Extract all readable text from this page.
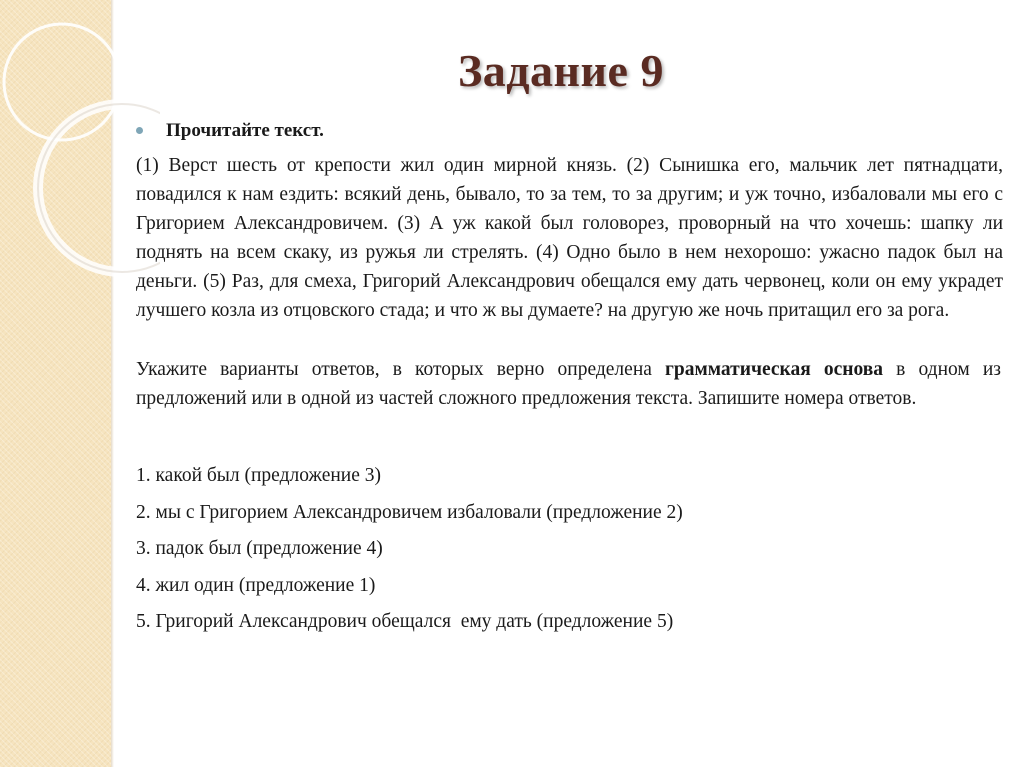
Задание 9
Прочитайте текст.

(1) Верст шесть от крепости жил один мирной князь. (2) Сынишка его, мальчик лет пятнадцати, повадился к нам ездить: всякий день, бывало, то за тем, то за другим; и уж точно, избаловали мы его с Григорием Александровичем. (3) А уж какой был головорез, проворный на что хочешь: шапку ли поднять на всем скаку, из ружья ли стрелять. (4) Одно было в нем нехорошо: ужасно падок был на деньги. (5) Раз, для смеха, Григорий Александрович обещался ему дать червонец, коли он ему украдет лучшего козла из отцовского стада; и что ж вы думаете? на другую же ночь притащил его за рога.

Укажите варианты ответов, в которых верно определена грамматическая основа в одном из предложений или в одной из частей сложного предложения текста. Запишите номера ответов.

1. какой был (предложение 3)
2. мы с Григорием Александровичем избаловали (предложение 2)
3. падок был (предложение 4)
4. жил один (предложение 1)
5. Григорий Александрович обещался  ему дать (предложение 5)
